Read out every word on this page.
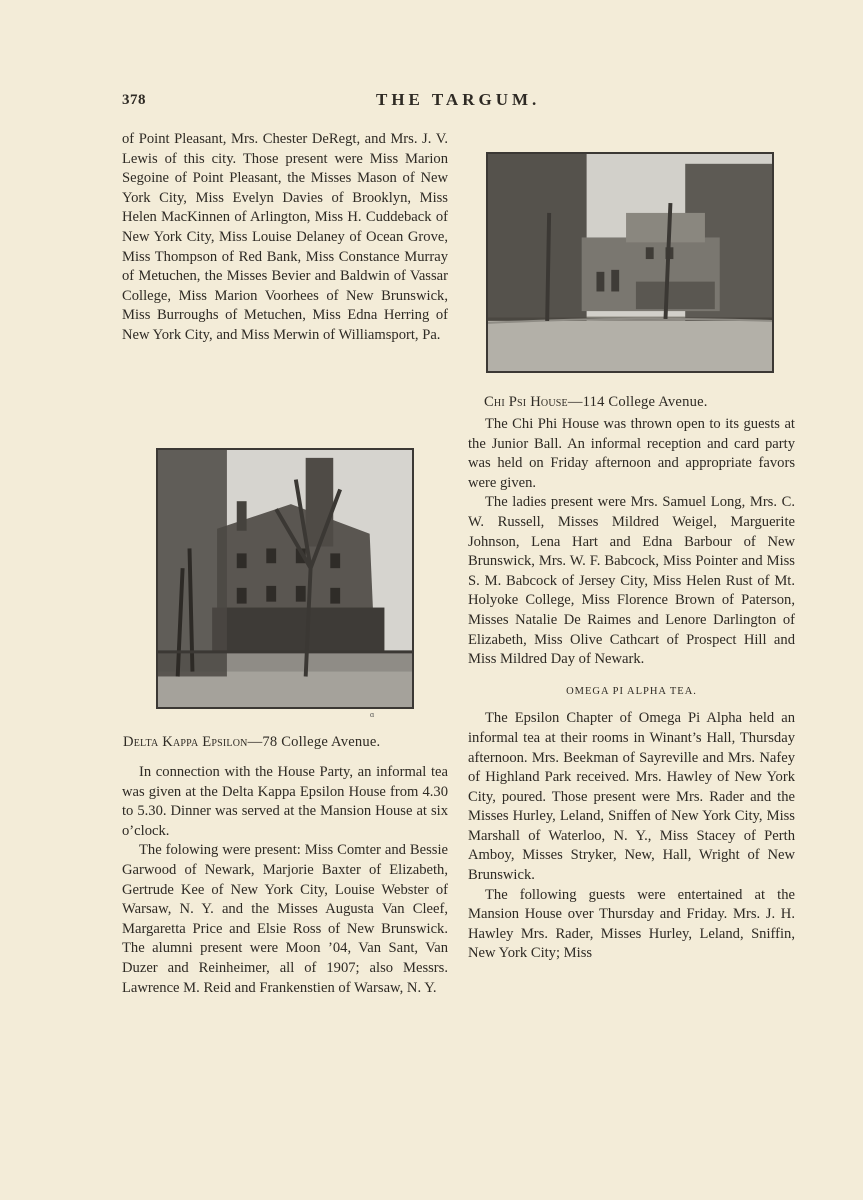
378	THE TARGUM.

of Point Pleasant, Mrs. Chester DeRegt, and Mrs. J. V. Lewis of this city. Those present were Miss Marion Segoine of Point Pleasant, the Misses Mason of New York City, Miss Evelyn Davies of Brooklyn, Miss Helen MacKinnen of Arlington, Miss H. Cuddeback of New York City, Miss Louise Delaney of Ocean Grove, Miss Thompson of Red Bank, Miss Constance Murray of Metuchen, the Misses Bevier and Baldwin of Vassar College, Miss Marion Voorhees of New Brunswick, Miss Burroughs of Metuchen, Miss Edna Herring of New York City, and Miss Merwin of Williamsport, Pa.

ɑ
Delta Kappa Epsilon—78 College Avenue.

In connection with the House Party, an informal tea was given at the Delta Kappa Epsilon House from 4.30 to 5.30. Dinner was served at the Mansion House at six o’clock.

The folowing were present: Miss Comter and Bessie Garwood of Newark, Marjorie Baxter of Elizabeth, Gertrude Kee of New York City, Louise Webster of Warsaw, N. Y. and the Misses Augusta Van Cleef, Margaretta Price and Elsie Ross of New Brunswick. The alumni present were Moon ’04, Van Sant, Van Duzer and Reinheimer, all of 1907; also Messrs. Lawrence M. Reid and Frankenstien of Warsaw, N. Y.

Chi Psi House—114 College Avenue.

The Chi Phi House was thrown open to its guests at the Junior Ball. An informal reception and card party was held on Friday afternoon and appropriate favors were given.

The ladies present were Mrs. Samuel Long, Mrs. C. W. Russell, Misses Mildred Weigel, Marguerite Johnson, Lena Hart and Edna Barbour of New Brunswick, Mrs. W. F. Babcock, Miss Pointer and Miss S. M. Babcock of Jersey City, Miss Helen Rust of Mt. Holyoke College, Miss Florence Brown of Paterson, Misses Natalie De Raimes and Lenore Darlington of Elizabeth, Miss Olive Cathcart of Prospect Hill and Miss Mildred Day of Newark.

OMEGA PI ALPHA TEA.

The Epsilon Chapter of Omega Pi Alpha held an informal tea at their rooms in Winant’s Hall, Thursday afternoon. Mrs. Beekman of Sayreville and Mrs. Nafey of Highland Park received. Mrs. Hawley of New York City, poured. Those present were Mrs. Rader and the Misses Hurley, Leland, Sniffen of New York City, Miss Marshall of Waterloo, N. Y., Miss Stacey of Perth Amboy, Misses Stryker, New, Hall, Wright of New Brunswick.

The following guests were entertained at the Mansion House over Thursday and Friday. Mrs. J. H. Hawley Mrs. Rader, Misses Hurley, Leland, Sniffin, New York City; Miss
